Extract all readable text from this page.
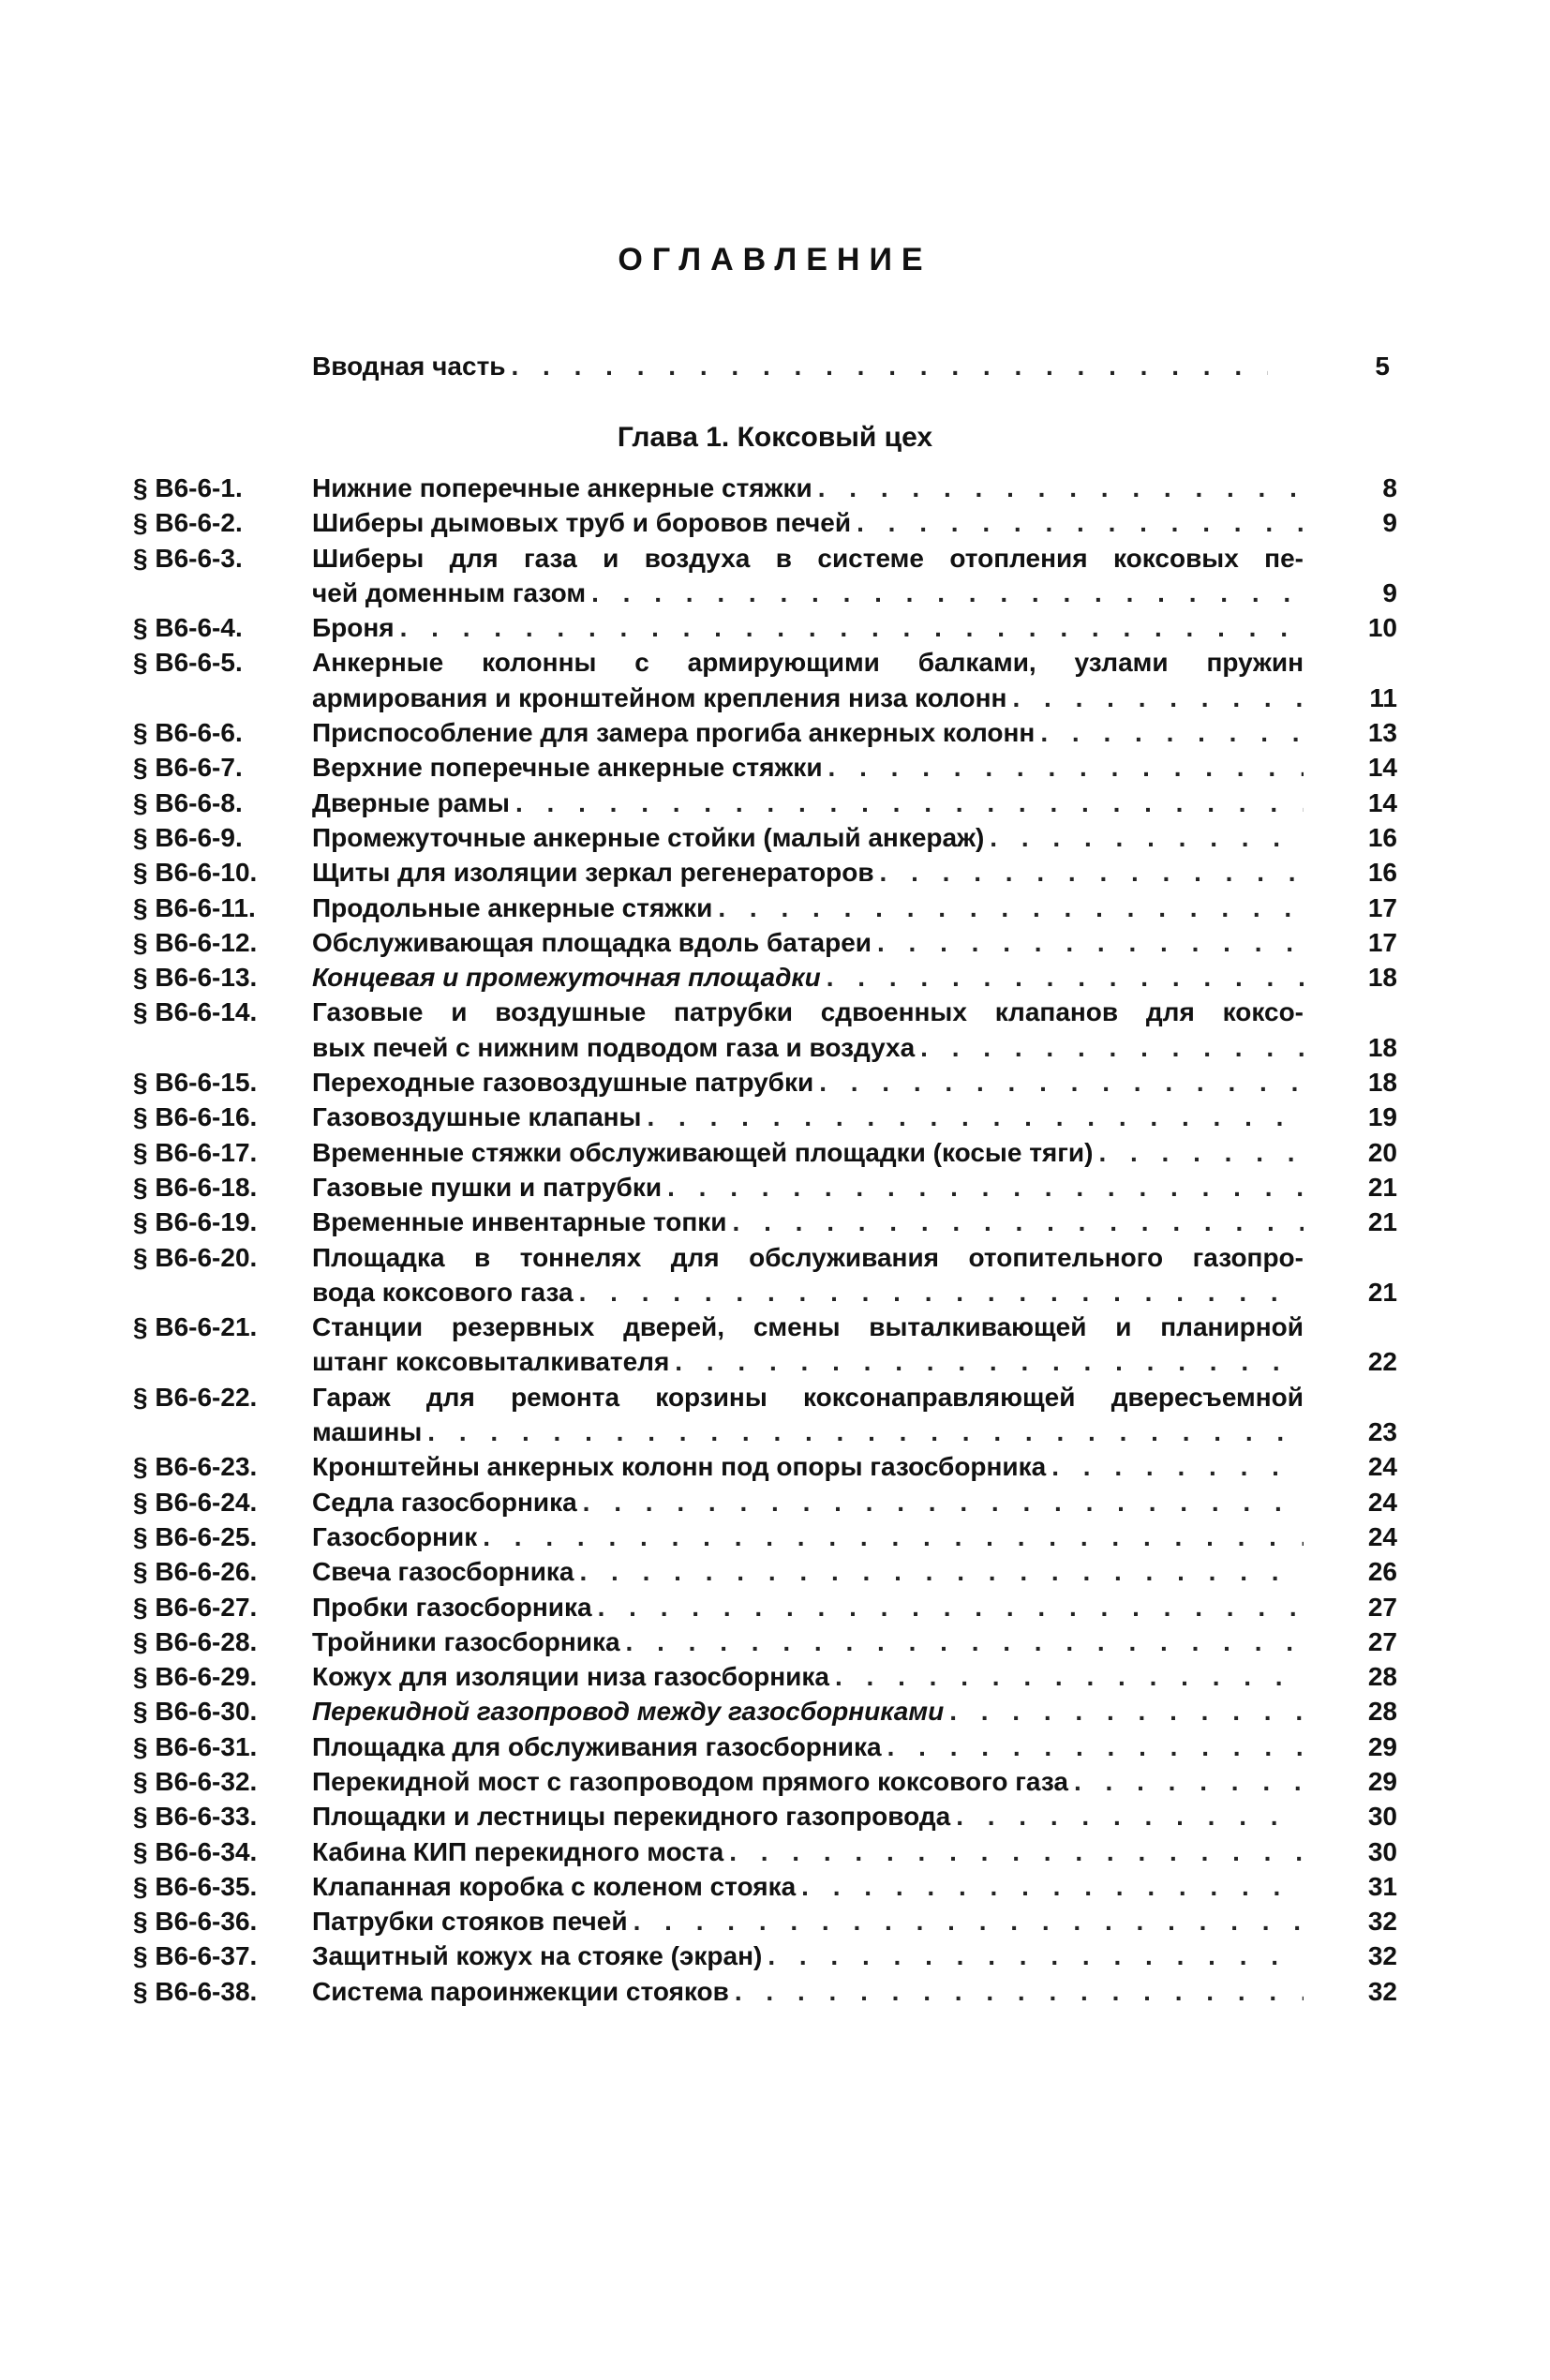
ОГЛАВЛЕНИЕ
Вводная часть . . .	5
Глава 1. Коксовый цех
§ В6-6-1.	Нижние поперечные анкерные стяжки . . .	8
§ В6-6-2.	Шиберы дымовых труб и боровов печей . . .	9
§ В6-6-3.	Шиберы для газа и воздуха в системе отопления коксовых пе-
чей доменным газом . . .	9
§ В6-6-4.	Броня . . .	10
§ В6-6-5.	Анкерные колонны с армирующими балками, узлами пружин
армирования и кронштейном крепления низа колонн . . .	11
§ В6-6-6.	Приспособление для замера прогиба анкерных колонн . . .	13
§ В6-6-7.	Верхние поперечные анкерные стяжки . . .	14
§ В6-6-8.	Дверные рамы . . .	14
§ В6-6-9.	Промежуточные анкерные стойки (малый анкераж) . . .	16
§ В6-6-10. Щиты для изоляции зеркал регенераторов . . .	16
§ В6-6-11. Продольные анкерные стяжки . . .	17
§ В6-6-12. Обслуживающая площадка вдоль батареи . . .	17
§ В6-6-13. Концевая и промежуточная площадки . . .	18
§ В6-6-14. Газовые и воздушные патрубки сдвоенных клапанов для коксо-
вых печей с нижним подводом газа и воздуха . . .	18
§ В6-6-15. Переходные газовоздушные патрубки . . .	18
§ В6-6-16. Газовоздушные клапаны . . .	19
§ В6-6-17. Временные стяжки обслуживающей площадки (косые тяги) . . .	20
§ В6-6-18. Газовые пушки и патрубки . . .	21
§ В6-6-19. Временные инвентарные топки . . .	21
§ В6-6-20. Площадка в тоннелях для обслуживания отопительного газопро-
вода коксового газа . . .	21
§ В6-6-21. Станции резервных дверей, смены выталкивающей и планирной
штанг коксовыталкивателя . . .	22
§ В6-6-22. Гараж для ремонта корзины коксонаправляющей двересъемной
машины . . .	23
§ В6-6-23. Кронштейны анкерных колонн под опоры газосборника . . .	24
§ В6-6-24. Седла газосборника . . .	24
§ В6-6-25. Газосборник . . .	24
§ В6-6-26. Свеча газосборника . . .	26
§ В6-6-27. Пробки газосборника . . .	27
§ В6-6-28. Тройники газосборника . . .	27
§ В6-6-29. Кожух для изоляции низа газосборника . . .	28
§ В6-6-30. Перекидной газопровод между газосборниками . . .	28
§ В6-6-31. Площадка для обслуживания газосборника . . .	29
§ В6-6-32. Перекидной мост с газопроводом прямого коксового газа . . .	29
§ В6-6-33. Площадки и лестницы перекидного газопровода . . .	30
§ В6-6-34. Кабина КИП перекидного моста . . .	30
§ В6-6-35. Клапанная коробка с коленом стояка . . .	31
§ В6-6-36. Патрубки стояков печей . . .	32
§ В6-6-37. Защитный кожух на стояке (экран) . . .	32
§ В6-6-38. Система пароинжекции стояков . . .	32
